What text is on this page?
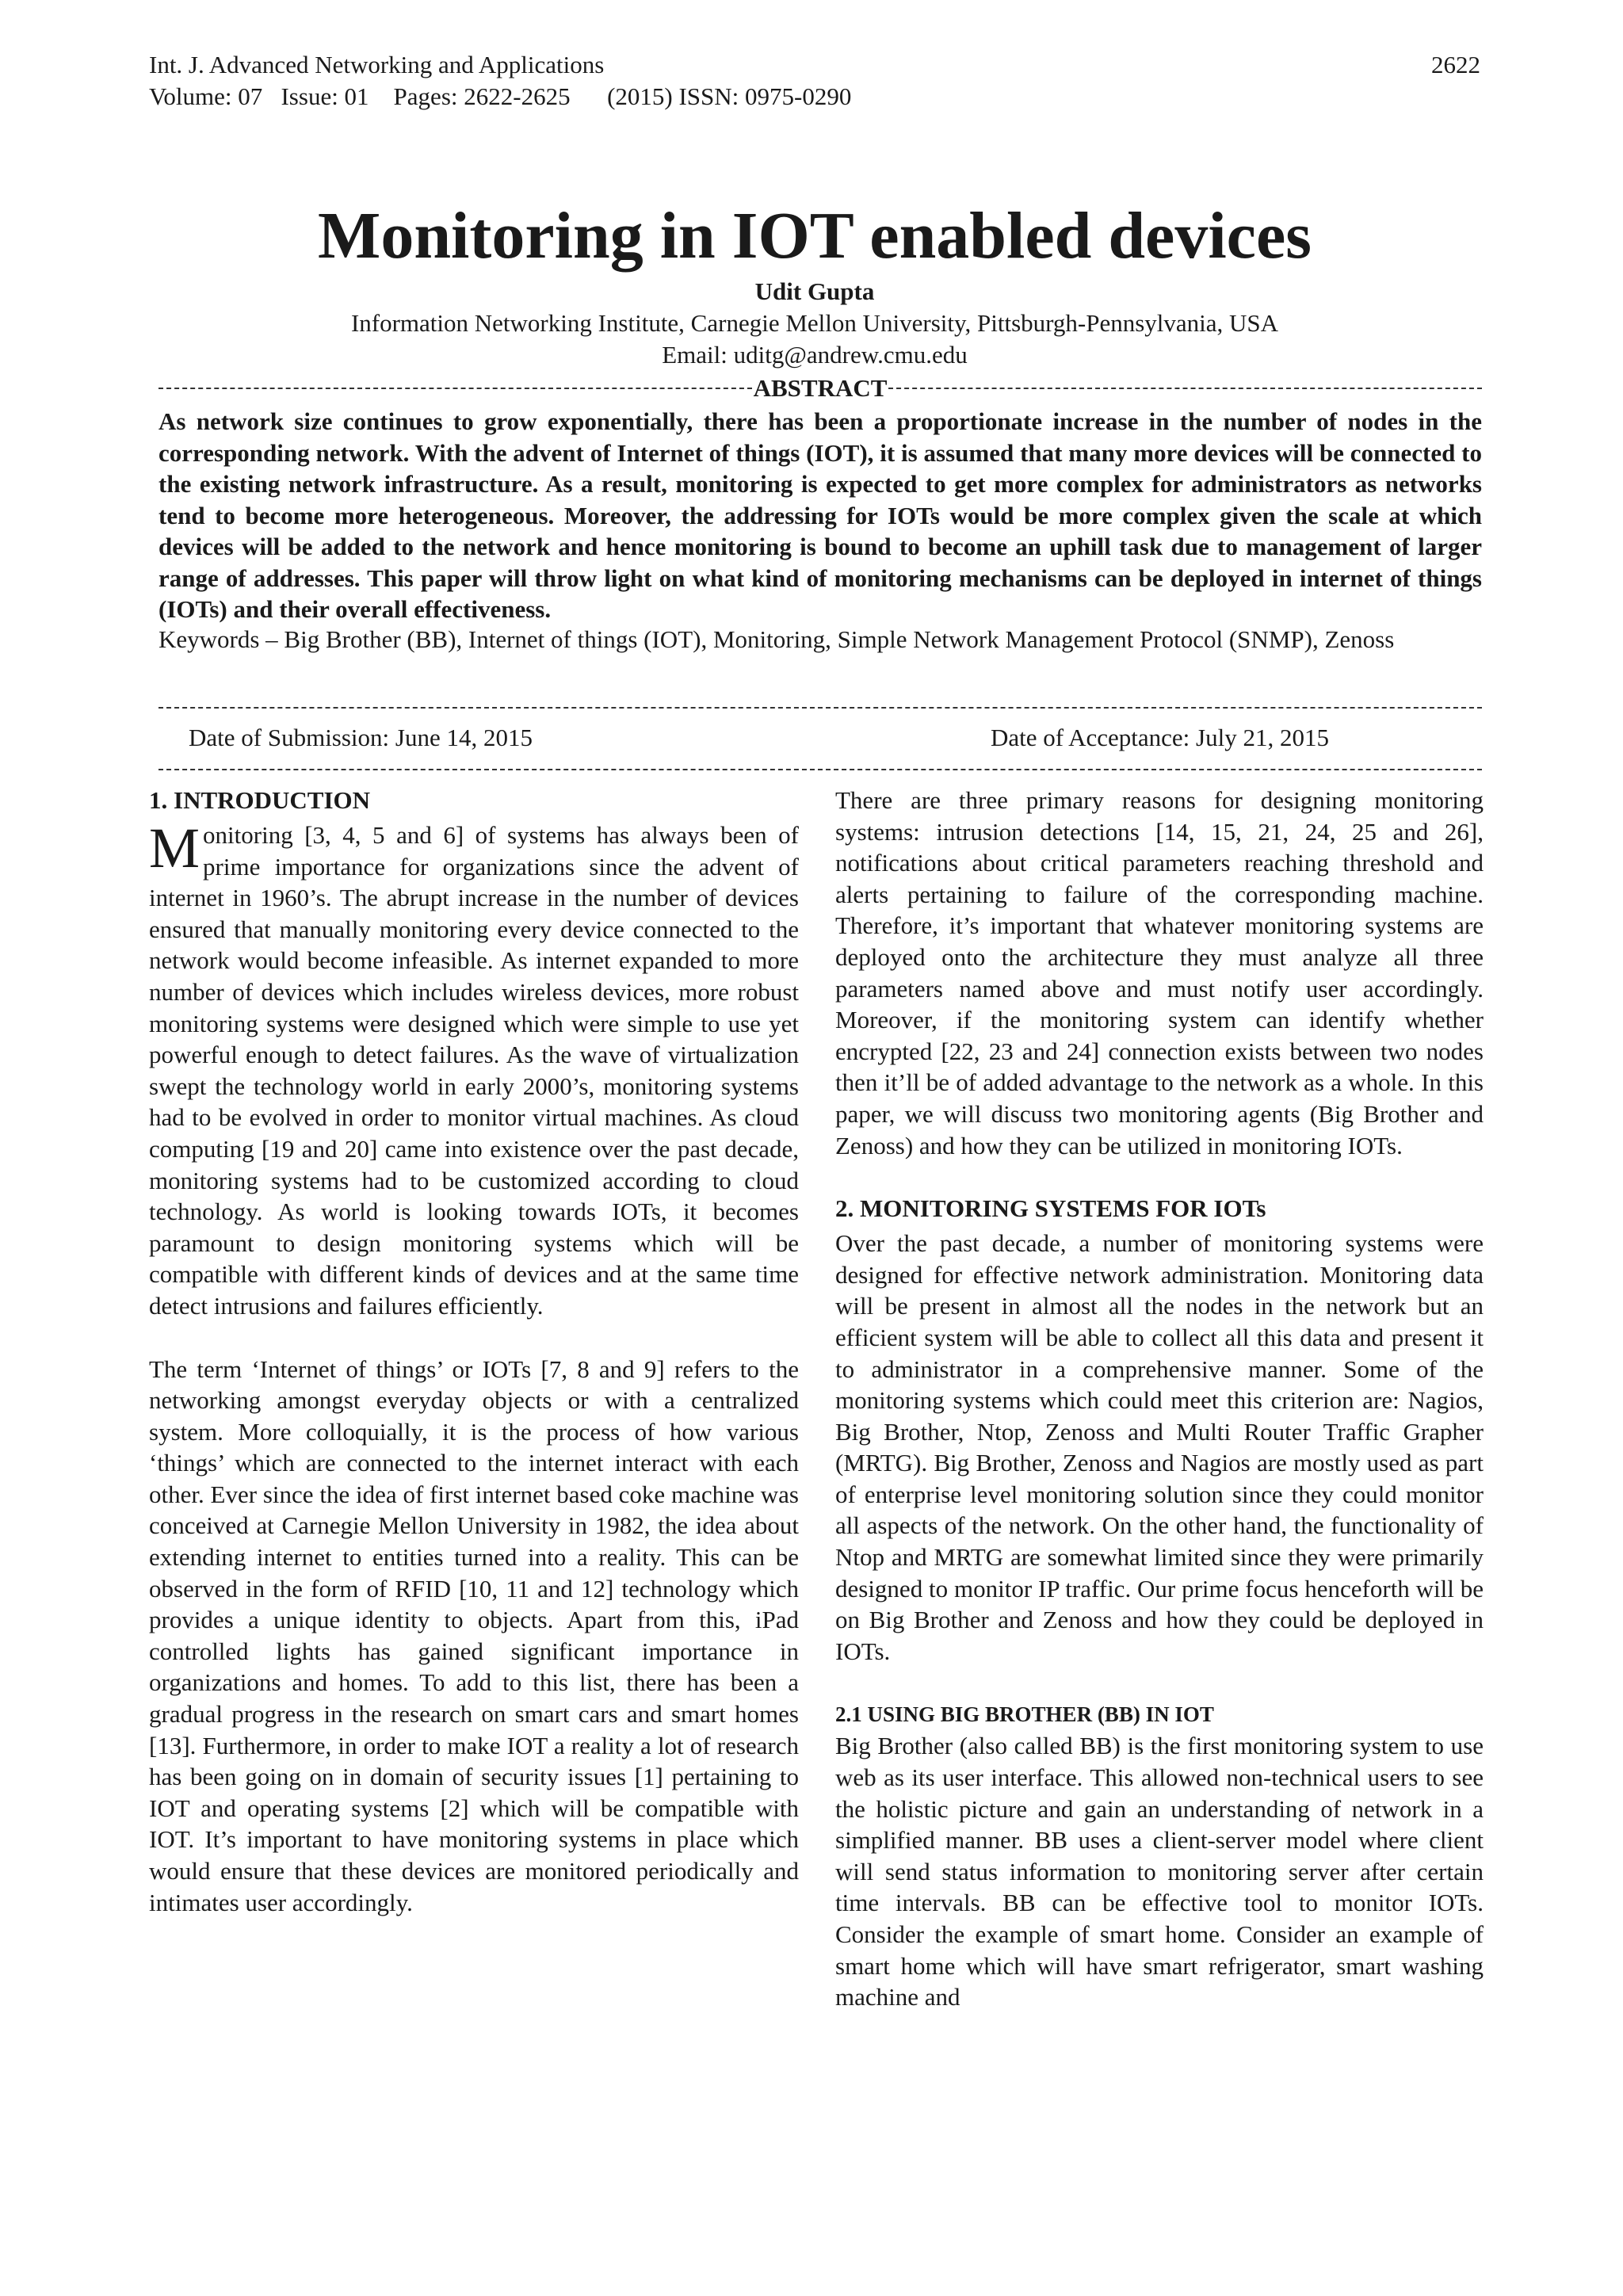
Int. J. Advanced Networking and Applications
Volume: 07   Issue: 01    Pages: 2622-2625      (2015) ISSN: 0975-0290
2622
Monitoring in IOT enabled devices
Udit Gupta
Information Networking Institute, Carnegie Mellon University, Pittsburgh-Pennsylvania, USA
Email: uditg@andrew.cmu.edu
ABSTRACT
As network size continues to grow exponentially, there has been a proportionate increase in the number of nodes in the corresponding network. With the advent of Internet of things (IOT), it is assumed that many more devices will be connected to the existing network infrastructure. As a result, monitoring is expected to get more complex for administrators as networks tend to become more heterogeneous. Moreover, the addressing for IOTs would be more complex given the scale at which devices will be added to the network and hence monitoring is bound to become an uphill task due to management of larger range of addresses. This paper will throw light on what kind of monitoring mechanisms can be deployed in internet of things (IOTs) and their overall effectiveness.
Keywords – Big Brother (BB), Internet of things (IOT), Monitoring, Simple Network Management Protocol (SNMP), Zenoss
Date of Submission: June 14, 2015	Date of Acceptance: July 21, 2015
1. INTRODUCTION

Monitoring [3, 4, 5 and 6] of systems has always been of prime importance for organizations since the advent of internet in 1960’s. The abrupt increase in the number of devices ensured that manually monitoring every device connected to the network would become infeasible. As internet expanded to more number of devices which includes wireless devices, more robust monitoring systems were designed which were simple to use yet powerful enough to detect failures. As the wave of virtualization swept the technology world in early 2000’s, monitoring systems had to be evolved in order to monitor virtual machines. As cloud computing [19 and 20] came into existence over the past decade, monitoring systems had to be customized according to cloud technology. As world is looking towards IOTs, it becomes paramount to design monitoring systems which will be compatible with different kinds of devices and at the same time detect intrusions and failures efficiently.

The term ‘Internet of things’ or IOTs [7, 8 and 9] refers to the networking amongst everyday objects or with a centralized system. More colloquially, it is the process of how various ‘things’ which are connected to the internet interact with each other. Ever since the idea of first internet based coke machine was conceived at Carnegie Mellon University in 1982, the idea about extending internet to entities turned into a reality. This can be observed in the form of RFID [10, 11 and 12] technology which provides a unique identity to objects. Apart from this, iPad controlled lights has gained significant importance in organizations and homes. To add to this list, there has been a gradual progress in the research on smart cars and smart homes [13]. Furthermore, in order to make IOT a reality a lot of research has been going on in domain of security issues [1] pertaining to IOT and operating systems [2] which will be compatible with IOT. It’s important to have monitoring systems in place which would ensure that these devices are monitored periodically and intimates user accordingly.

There are three primary reasons for designing monitoring systems: intrusion detections [14, 15, 21, 24, 25 and 26], notifications about critical parameters reaching threshold and alerts pertaining to failure of the corresponding machine. Therefore, it’s important that whatever monitoring systems are deployed onto the architecture they must analyze all three parameters named above and must notify user accordingly. Moreover, if the monitoring system can identify whether encrypted [22, 23 and 24] connection exists between two nodes then it’ll be of added advantage to the network as a whole. In this paper, we will discuss two monitoring agents (Big Brother and Zenoss) and how they can be utilized in monitoring IOTs.

2. MONITORING SYSTEMS FOR IOTs

Over the past decade, a number of monitoring systems were designed for effective network administration. Monitoring data will be present in almost all the nodes in the network but an efficient system will be able to collect all this data and present it to administrator in a comprehensive manner. Some of the monitoring systems which could meet this criterion are: Nagios, Big Brother, Ntop, Zenoss and Multi Router Traffic Grapher (MRTG). Big Brother, Zenoss and Nagios are mostly used as part of enterprise level monitoring solution since they could monitor all aspects of the network. On the other hand, the functionality of Ntop and MRTG are somewhat limited since they were primarily designed to monitor IP traffic. Our prime focus henceforth will be on Big Brother and Zenoss and how they could be deployed in IOTs.

2.1 USING BIG BROTHER (BB) IN IOT

Big Brother (also called BB) is the first monitoring system to use web as its user interface. This allowed non-technical users to see the holistic picture and gain an understanding of network in a simplified manner. BB uses a client-server model where client will send status information to monitoring server after certain time intervals. BB can be effective tool to monitor IOTs. Consider the example of smart home. Consider an example of smart home which will have smart refrigerator, smart washing machine and
